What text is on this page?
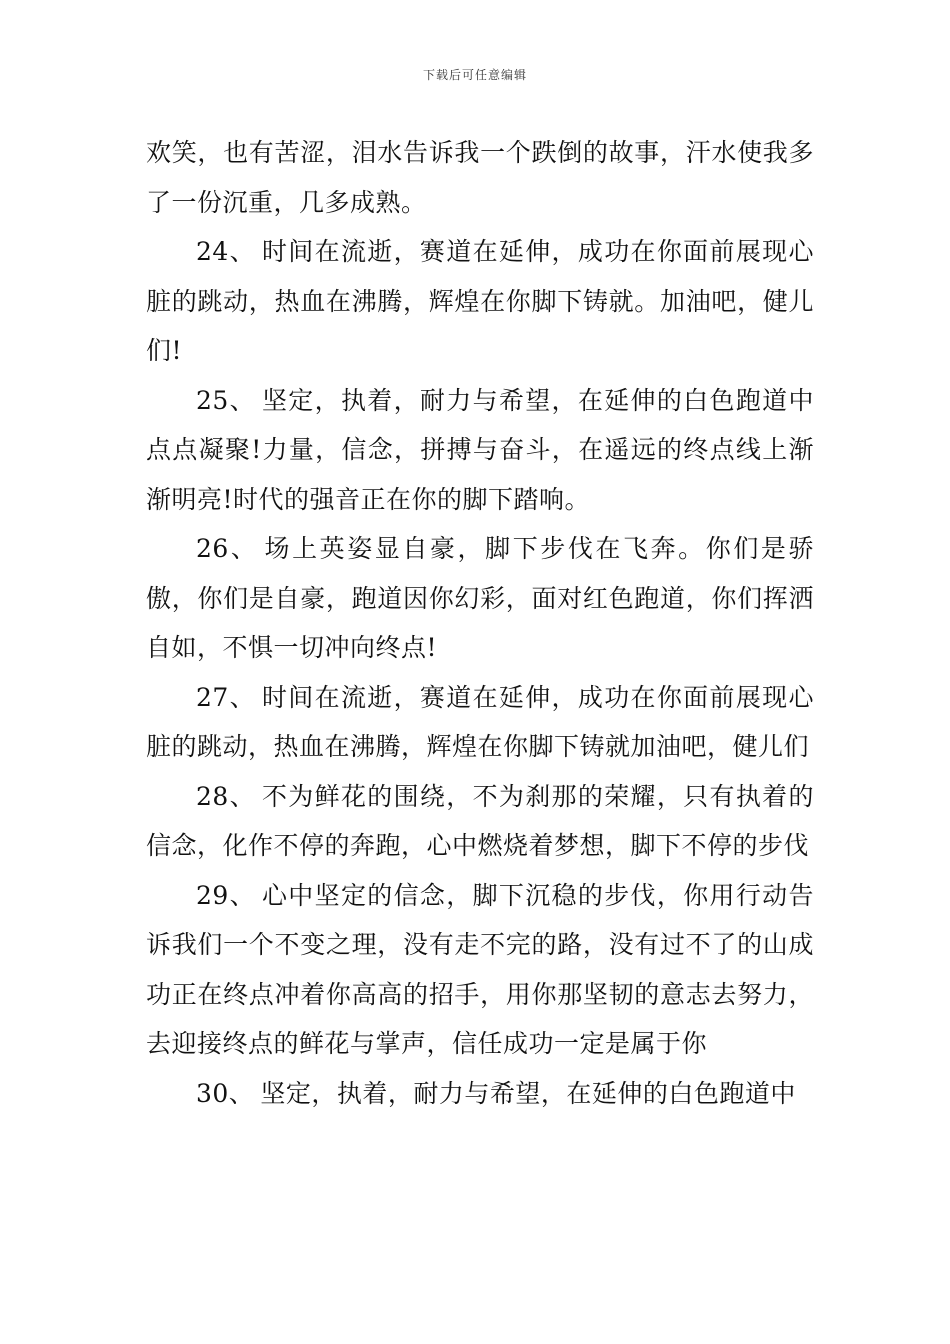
下载后可任意编辑

欢笑，也有苦涩，泪水告诉我一个跌倒的故事，汗水使我多了一份沉重，几多成熟。

24、 时间在流逝，赛道在延伸，成功在你面前展现心脏的跳动，热血在沸腾，辉煌在你脚下铸就。加油吧，健儿们!

25、 坚定，执着，耐力与希望，在延伸的白色跑道中点点凝聚!力量，信念，拼搏与奋斗，在遥远的终点线上渐渐明亮!时代的强音正在你的脚下踏响。

26、 场上英姿显自豪，脚下步伐在飞奔。你们是骄傲，你们是自豪，跑道因你幻彩，面对红色跑道，你们挥洒自如，不惧一切冲向终点!

27、 时间在流逝，赛道在延伸，成功在你面前展现心脏的跳动，热血在沸腾，辉煌在你脚下铸就加油吧，健儿们

28、 不为鲜花的围绕，不为刹那的荣耀，只有执着的信念，化作不停的奔跑，心中燃烧着梦想，脚下不停的步伐

29、 心中坚定的信念，脚下沉稳的步伐，你用行动告诉我们一个不变之理，没有走不完的路，没有过不了的山成功正在终点冲着你高高的招手，用你那坚韧的意志去努力，去迎接终点的鲜花与掌声，信任成功一定是属于你

30、 坚定，执着，耐力与希望，在延伸的白色跑道中
